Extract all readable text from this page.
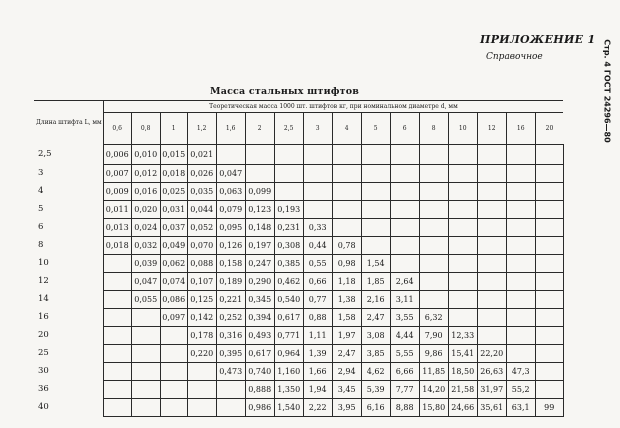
ПРИЛОЖЕНИЕ 1
Справочное	Стр. 4 ГОСТ 24296—80
Масса стальных штифтов
Длина штифта L, мм	Теоретическая масса 1000 шт. штифтов кг, при номинальном диаметре d, мм															
	0,6	0,8	1	1,2	1,6	2	2,5	3	4	5	6	8	10	12	16	20
2,5	0,006	0,010	0,015	0,021												
3	0,007	0,012	0,018	0,026	0,047											
4	0,009	0,016	0,025	0,035	0,063	0,099										
5	0,011	0,020	0,031	0,044	0,079	0,123	0,193									
6	0,013	0,024	0,037	0,052	0,095	0,148	0,231	0,33								
8	0,018	0,032	0,049	0,070	0,126	0,197	0,308	0,44	0,78							
10		0,039	0,062	0,088	0,158	0,247	0,385	0,55	0,98	1,54						
12		0,047	0,074	0,107	0,189	0,290	0,462	0,66	1,18	1,85	2,64					
14		0,055	0,086	0,125	0,221	0,345	0,540	0,77	1,38	2,16	3,11					
16			0,097	0,142	0,252	0,394	0,617	0,88	1,58	2,47	3,55	6,32				
20				0,178	0,316	0,493	0,771	1,11	1,97	3,08	4,44	7,90	12,33			
25				0,220	0,395	0,617	0,964	1,39	2,47	3,85	5,55	9,86	15,41	22,20		
30					0,473	0,740	1,160	1,66	2,94	4,62	6,66	11,85	18,50	26,63	47,3	
36						0,888	1,350	1,94	3,45	5,39	7,77	14,20	21,58	31,97	55,2	
40						0,986	1,540	2,22	3,95	6,16	8,88	15,80	24,66	35,61	63,1	99
